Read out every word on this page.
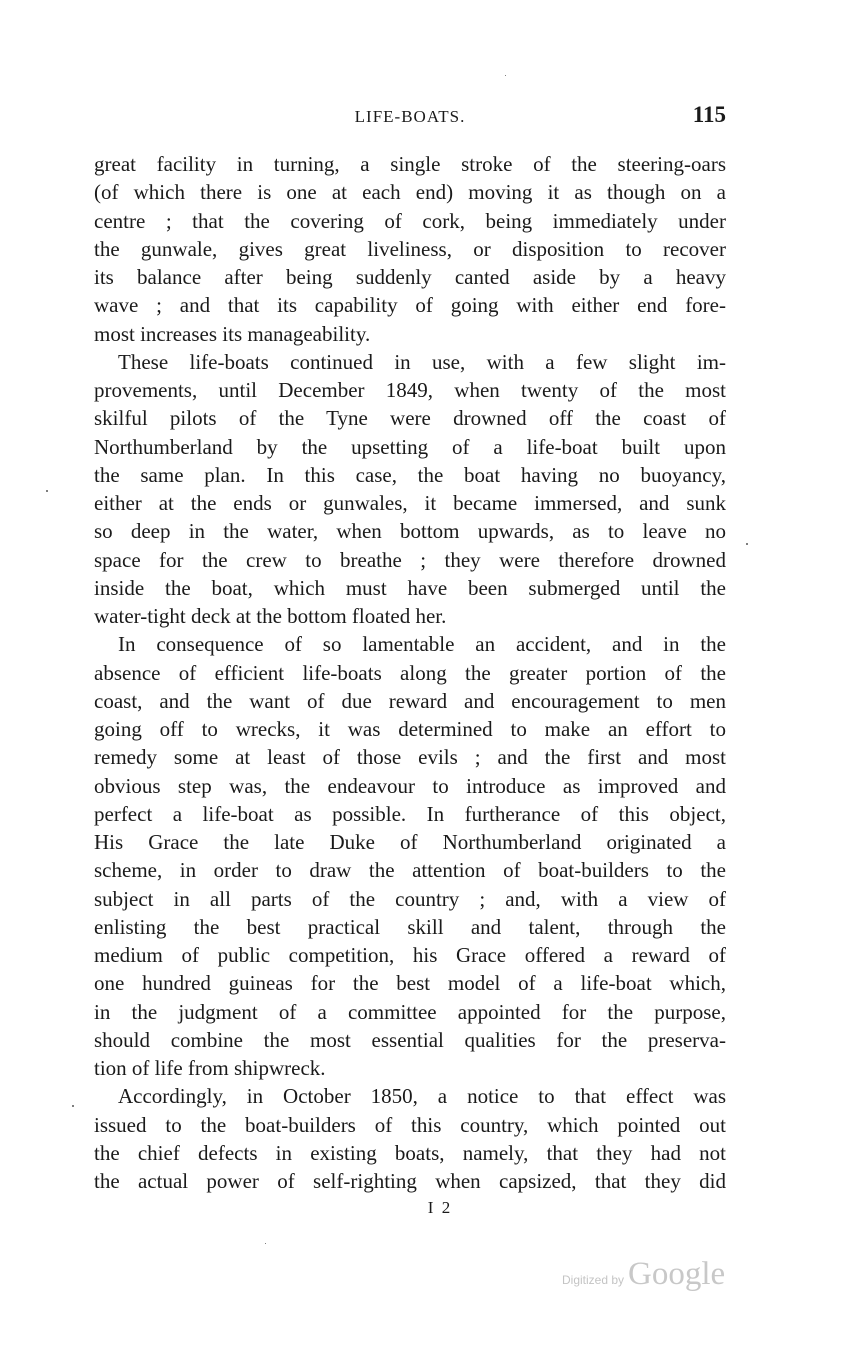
LIFE-BOATS.	115
great facility in turning, a single stroke of the steering-oars
(of which there is one at each end) moving it as though on a
centre ; that the covering of cork, being immediately under
the gunwale, gives great liveliness, or disposition to recover
its balance after being suddenly canted aside by a heavy
wave ; and that its capability of going with either end fore-
most increases its manageability.
These life-boats continued in use, with a few slight im-
provements, until December 1849, when twenty of the most
skilful pilots of the Tyne were drowned off the coast of
Northumberland by the upsetting of a life-boat built upon
the same plan. In this case, the boat having no buoyancy,
either at the ends or gunwales, it became immersed, and sunk
so deep in the water, when bottom upwards, as to leave no
space for the crew to breathe ; they were therefore drowned
inside the boat, which must have been submerged until the
water-tight deck at the bottom floated her.
In consequence of so lamentable an accident, and in the
absence of efficient life-boats along the greater portion of the
coast, and the want of due reward and encouragement to men
going off to wrecks, it was determined to make an effort to
remedy some at least of those evils ; and the first and most
obvious step was, the endeavour to introduce as improved and
perfect a life-boat as possible. In furtherance of this object,
His Grace the late Duke of Northumberland originated a
scheme, in order to draw the attention of boat-builders to the
subject in all parts of the country ; and, with a view of
enlisting the best practical skill and talent, through the
medium of public competition, his Grace offered a reward of
one hundred guineas for the best model of a life-boat which,
in the judgment of a committee appointed for the purpose,
should combine the most essential qualities for the preserva-
tion of life from shipwreck.
Accordingly, in October 1850, a notice to that effect was
issued to the boat-builders of this country, which pointed out
the chief defects in existing boats, namely, that they had not
the actual power of self-righting when capsized, that they did
I 2
Digitized by Google
